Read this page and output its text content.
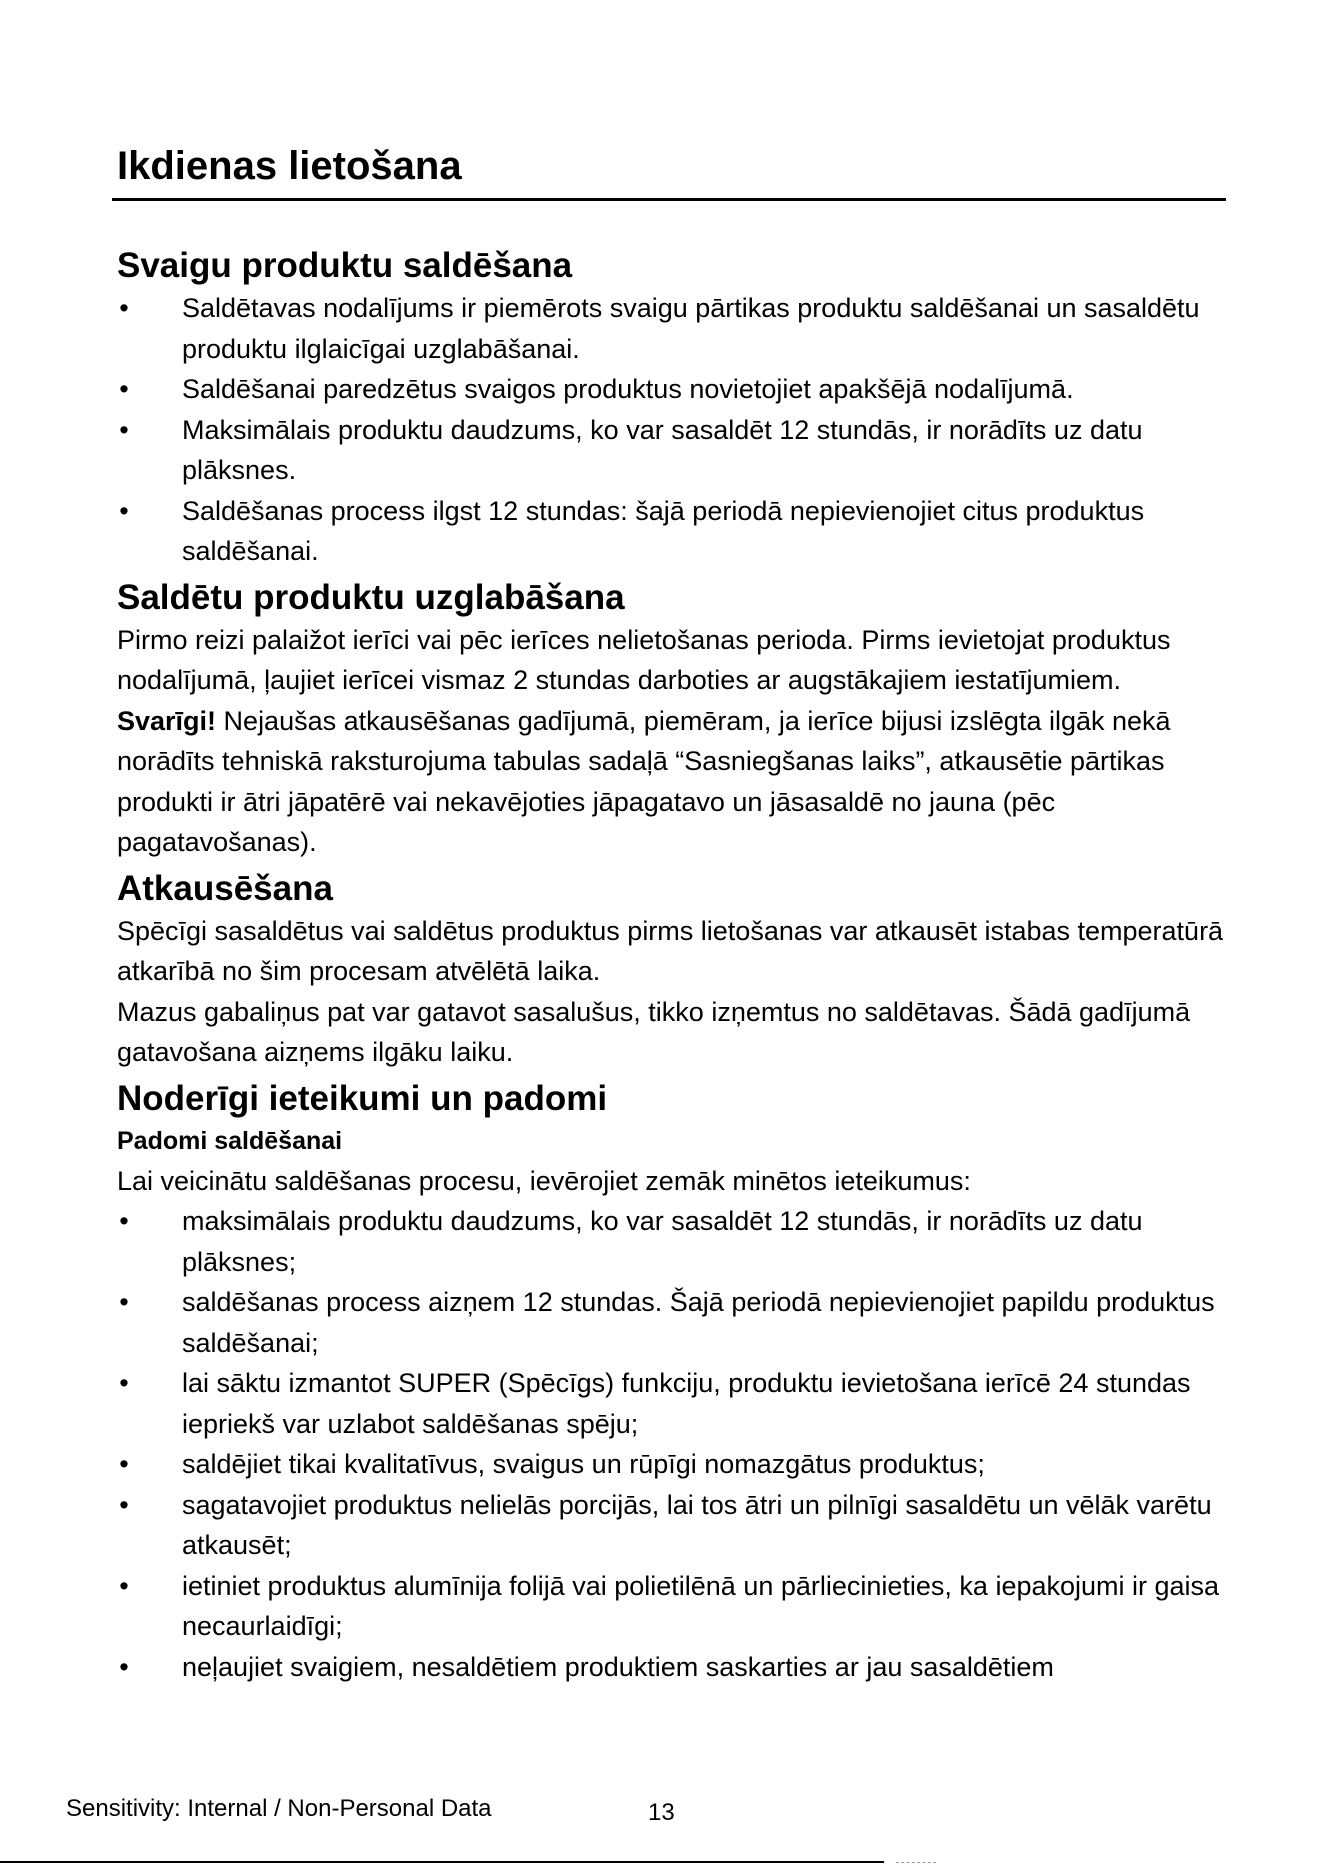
Ikdienas lietošana
Svaigu produktu saldēšana
• Saldētavas nodalījums ir piemērots svaigu pārtikas produktu saldēšanai un sasaldētu produktu ilglaicīgai uzglabāšanai.
• Saldēšanai paredzētus svaigos produktus novietojiet apakšējā nodalījumā.
• Maksimālais produktu daudzums, ko var sasaldēt 12 stundās, ir norādīts uz datu plāksnes.
• Saldēšanas process ilgst 12 stundas: šajā periodā nepievienojiet citus produktus saldēšanai.
Saldētu produktu uzglabāšana

Pirmo reizi palaižot ierīci vai pēc ierīces nelietošanas perioda. Pirms ievietojat produktus nodalījumā, ļaujiet ierīcei vismaz 2 stundas darboties ar augstākajiem iestatījumiem.

Svarīgi! Nejaušas atkausēšanas gadījumā, piemēram, ja ierīce bijusi izslēgta ilgāk nekā norādīts tehniskā raksturojuma tabulas sadaļā “Sasniegšanas laiks”, atkausētie pārtikas produkti ir ātri jāpatērē vai nekavējoties jāpagatavo un jāsasaldē no jauna (pēc pagatavošanas).

Atkausēšana

Spēcīgi sasaldētus vai saldētus produktus pirms lietošanas var atkausēt istabas temperatūrā atkarībā no šim procesam atvēlētā laika.

Mazus gabaliņus pat var gatavot sasalušus, tikko izņemtus no saldētavas. Šādā gadījumā gatavošana aizņems ilgāku laiku.

Noderīgi ieteikumi un padomi
Padomi saldēšanai

Lai veicinātu saldēšanas procesu, ievērojiet zemāk minētos ieteikumus:

• maksimālais produktu daudzums, ko var sasaldēt 12 stundās, ir norādīts uz datu plāksnes;
• saldēšanas process aizņem 12 stundas. Šajā periodā nepievienojiet papildu produktus saldēšanai;
• lai sāktu izmantot SUPER (Spēcīgs) funkciju, produktu ievietošana ierīcē 24 stundas iepriekš var uzlabot saldēšanas spēju;
• saldējiet tikai kvalitatīvus, svaigus un rūpīgi nomazgātus produktus;
• sagatavojiet produktus nelielās porcijās, lai tos ātri un pilnīgi sasaldētu un vēlāk varētu atkausēt;
• ietiniet produktus alumīnija folijā vai polietilēnā un pārliecinieties, ka iepakojumi ir gaisa necaurlaidīgi;
• neļaujiet svaigiem, nesaldētiem produktiem saskarties ar jau sasaldētiem
Sensitivity: Internal / Non-Personal Data	13
